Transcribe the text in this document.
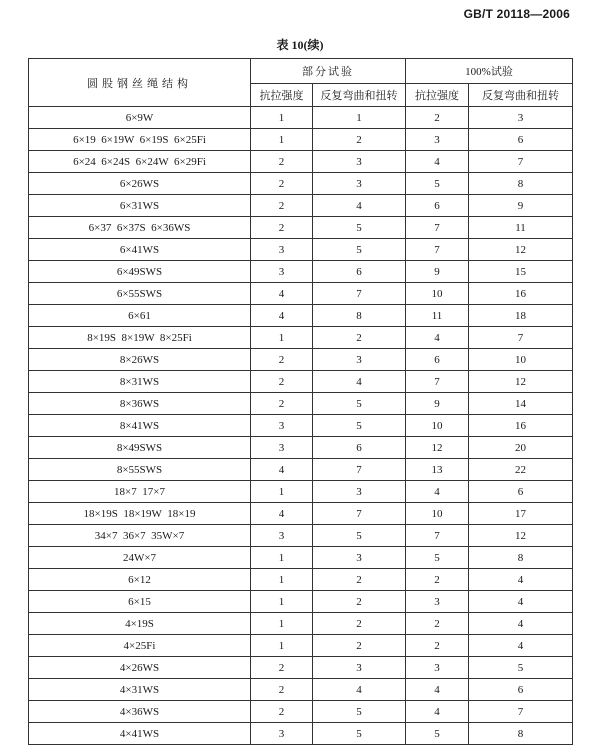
GB/T 20118—2006
表 10(续)
圆股钢丝绳结构	部分试验		100%试验	
	抗拉强度	反复弯曲和扭转	抗拉强度	反复弯曲和扭转
6×9W	1	1	2	3
6×19  6×19W  6×19S  6×25Fi	1	2	3	6
6×24  6×24S  6×24W  6×29Fi	2	3	4	7
6×26WS	2	3	5	8
6×31WS	2	4	6	9
6×37  6×37S  6×36WS	2	5	7	11
6×41WS	3	5	7	12
6×49SWS	3	6	9	15
6×55SWS	4	7	10	16
6×61	4	8	11	18
8×19S  8×19W  8×25Fi	1	2	4	7
8×26WS	2	3	6	10
8×31WS	2	4	7	12
8×36WS	2	5	9	14
8×41WS	3	5	10	16
8×49SWS	3	6	12	20
8×55SWS	4	7	13	22
18×7  17×7	1	3	4	6
18×19S  18×19W  18×19	4	7	10	17
34×7  36×7  35W×7	3	5	7	12
24W×7	1	3	5	8
6×12	1	2	2	4
6×15	1	2	3	4
4×19S	1	2	2	4
4×25Fi	1	2	2	4
4×26WS	2	3	3	5
4×31WS	2	4	4	6
4×36WS	2	5	4	7
4×41WS	3	5	5	8
